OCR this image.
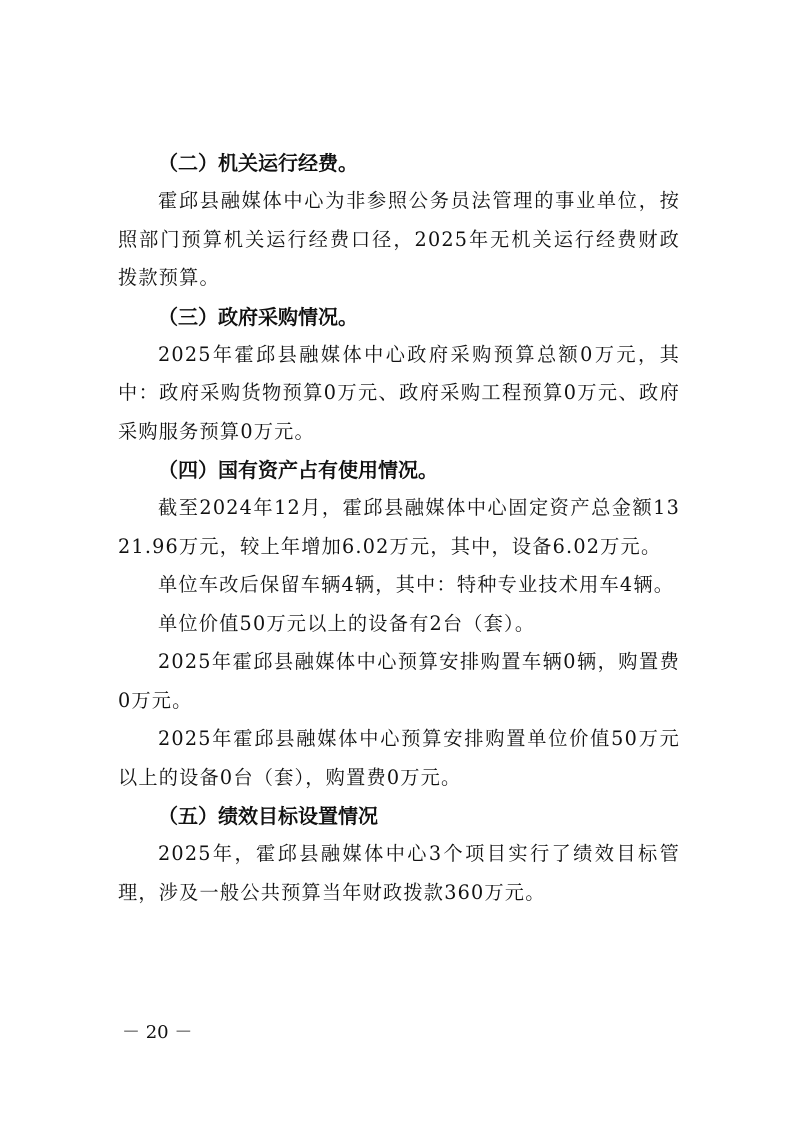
（二）机关运行经费。

霍邱县融媒体中心为非参照公务员法管理的事业单位，按照部门预算机关运行经费口径，2025年无机关运行经费财政拨款预算。

（三）政府采购情况。

2025年霍邱县融媒体中心政府采购预算总额0万元，其中：政府采购货物预算0万元、政府采购工程预算0万元、政府采购服务预算0万元。

（四）国有资产占有使用情况。

截至2024年12月，霍邱县融媒体中心固定资产总金额1321.96万元，较上年增加6.02万元，其中，设备6.02万元。

单位车改后保留车辆4辆，其中：特种专业技术用车4辆。

单位价值50万元以上的设备有2台（套）。

2025年霍邱县融媒体中心预算安排购置车辆0辆，购置费0万元。

2025年霍邱县融媒体中心预算安排购置单位价值50万元以上的设备0台（套），购置费0万元。

（五）绩效目标设置情况

2025年，霍邱县融媒体中心3个项目实行了绩效目标管理，涉及一般公共预算当年财政拨款360万元。

－ 20 －
